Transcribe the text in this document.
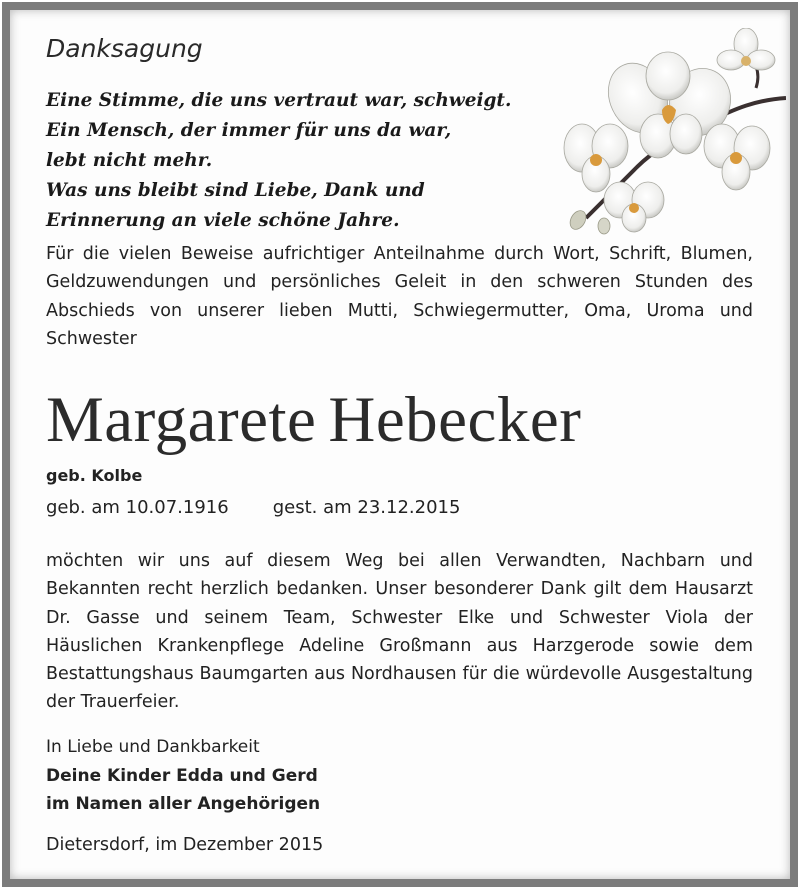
Danksagung
Eine Stimme, die uns vertraut war, schweigt.
Ein Mensch, der immer für uns da war,
lebt nicht mehr.
Was uns bleibt sind Liebe, Dank und
Erinnerung an viele schöne Jahre.
Für die vielen Beweise aufrichtiger Anteilnahme durch Wort, Schrift, Blumen, Geldzuwendungen und persönliches Geleit in den schweren Stunden des Abschieds von unserer lieben Mutti, Schwiegermutter, Oma, Uroma und Schwester
Margarete Hebecker
geb. Kolbe
geb. am 10.07.1916 gest. am 23.12.2015
möchten wir uns auf diesem Weg bei allen Verwandten, Nachbarn und Bekannten recht herzlich bedanken. Unser besonderer Dank gilt dem Hausarzt Dr. Gasse und seinem Team, Schwester Elke und Schwester Viola der Häuslichen Krankenpflege Adeline Großmann aus Harzgerode sowie dem Bestattungshaus Baumgarten aus Nordhausen für die würdevolle Ausgestaltung der Trauerfeier.
In Liebe und Dankbarkeit
Deine Kinder Edda und Gerd
im Namen aller Angehörigen
Dietersdorf, im Dezember 2015
